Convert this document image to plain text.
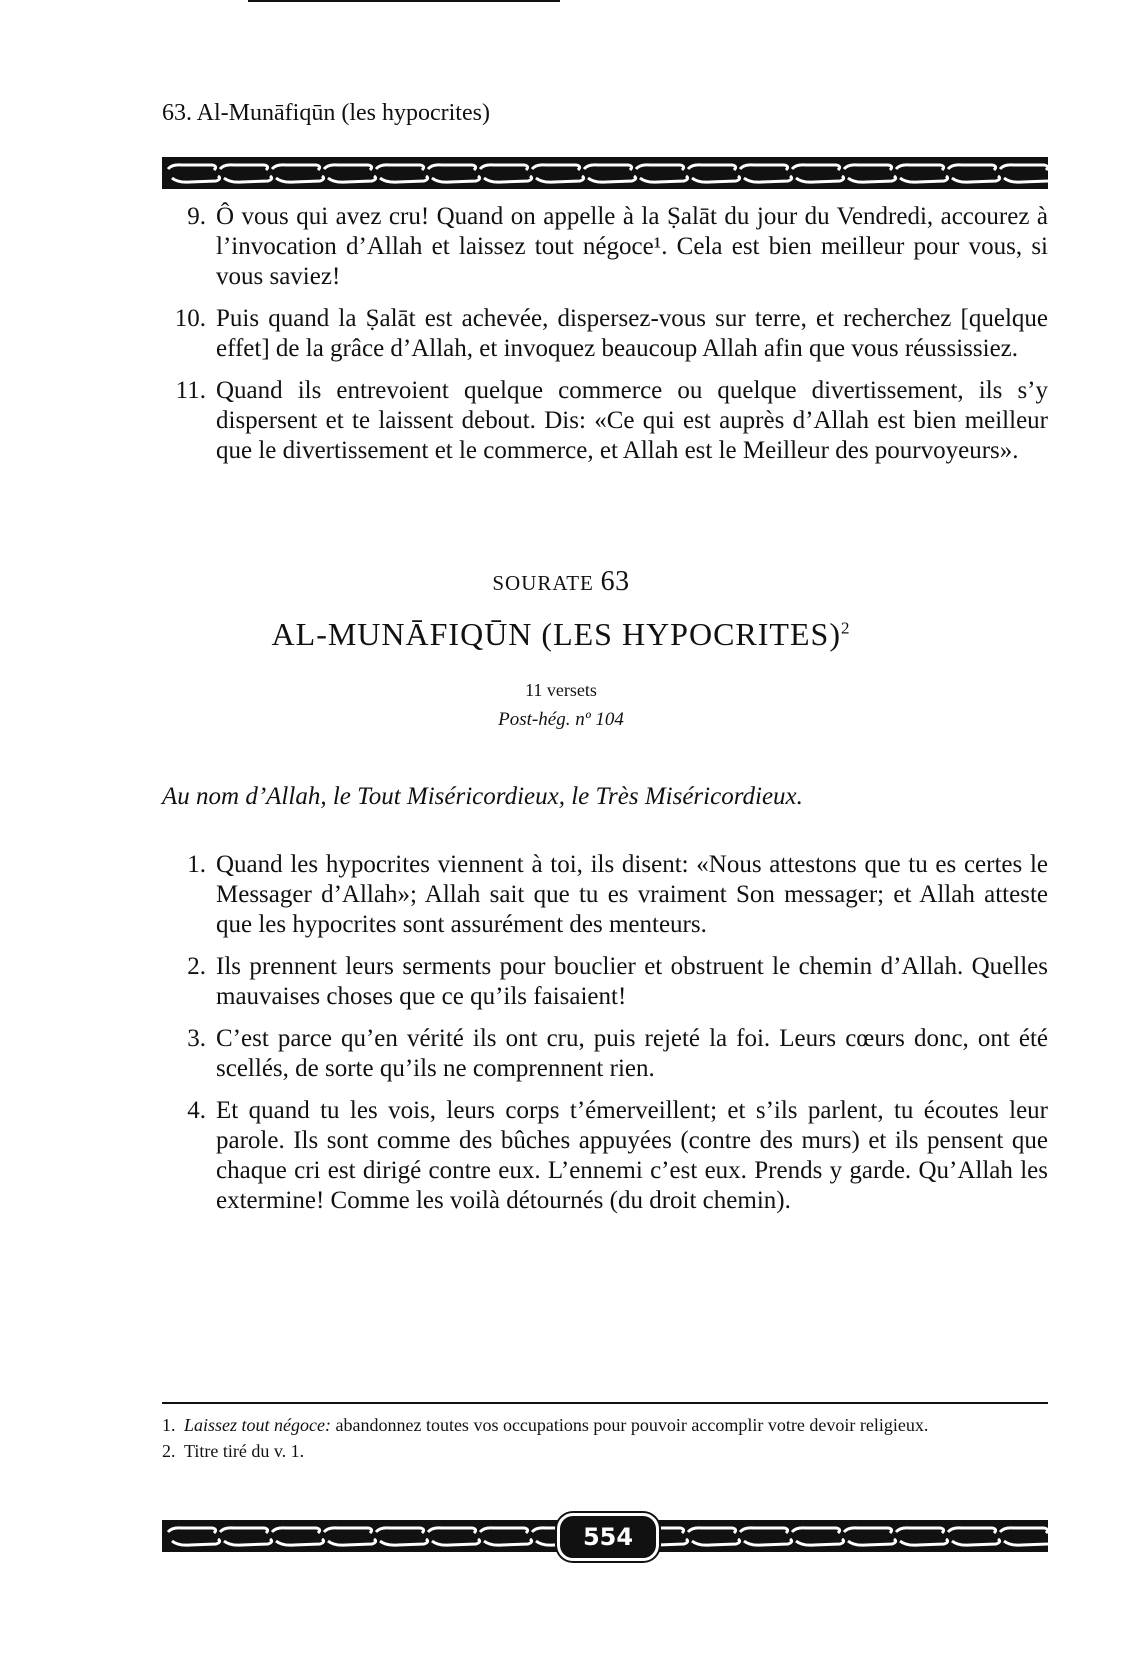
63. Al-Munāfiqūn (les hypocrites)
9. Ô vous qui avez cru! Quand on appelle à la Ṣalāt du jour du Vendredi, accourez à l’invocation d’Allah et laissez tout négoce¹. Cela est bien meilleur pour vous, si vous saviez!
10. Puis quand la Ṣalāt est achevée, dispersez-vous sur terre, et recherchez [quelque effet] de la grâce d’Allah, et invoquez beaucoup Allah afin que vous réussissiez.
11. Quand ils entrevoient quelque commerce ou quelque divertissement, ils s’y dispersent et te laissent debout. Dis: «Ce qui est auprès d’Allah est bien meilleur que le divertissement et le commerce, et Allah est le Meilleur des pourvoyeurs».
SOURATE 63
AL-MUNĀFIQŪN (LES HYPOCRITES)$^2$
11 versets
Post-hég. nº 104
Au nom d’Allah, le Tout Miséricordieux, le Très Miséricordieux.
1. Quand les hypocrites viennent à toi, ils disent: «Nous attestons que tu es certes le Messager d’Allah»; Allah sait que tu es vraiment Son messager; et Allah atteste que les hypocrites sont assurément des menteurs.
2. Ils prennent leurs serments pour bouclier et obstruent le chemin d’Allah. Quelles mauvaises choses que ce qu’ils faisaient!
3. C’est parce qu’en vérité ils ont cru, puis rejeté la foi. Leurs cœurs donc, ont été scellés, de sorte qu’ils ne comprennent rien.
4. Et quand tu les vois, leurs corps t’émerveillent; et s’ils parlent, tu écoutes leur parole. Ils sont comme des bûches appuyées (contre des murs) et ils pensent que chaque cri est dirigé contre eux. L’ennemi c’est eux. Prends y garde. Qu’Allah les extermine! Comme les voilà détournés (du droit chemin).
1. Laissez tout négoce: abandonnez toutes vos occupations pour pouvoir accomplir votre devoir religieux.
2. Titre tiré du v. 1.
554
